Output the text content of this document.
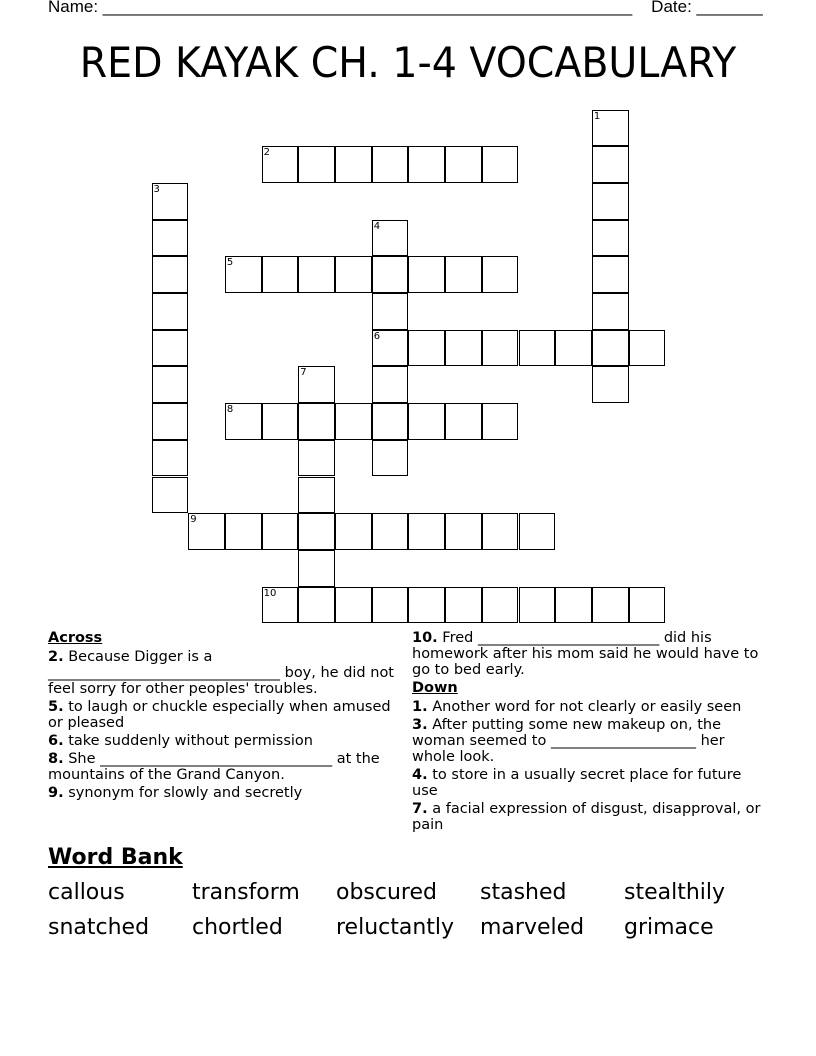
Name: ________________________________________________________ Date: _______
RED KAYAK CH. 1-4 VOCABULARY
1
2
3
4
6
5
7
8
9
10
Across
2. Because Digger is a ________________________________ boy, he did not feel sorry for other peoples' troubles.
5. to laugh or chuckle especially when amused or pleased
6. take suddenly without permission
8. She ________________________________ at the mountains of the Grand Canyon.
9. synonym for slowly and secretly
10. Fred _________________________ did his homework after his mom said he would have to go to bed early.
Down
1. Another word for not clearly or easily seen
3. After putting some new makeup on, the woman seemed to ____________________ her whole look.
4. to store in a usually secret place for future use
7. a facial expression of disgust, disapproval, or pain
Word Bank
callous	transform	obscured	stashed	stealthily
snatched	chortled	reluctantly	marveled	grimace
